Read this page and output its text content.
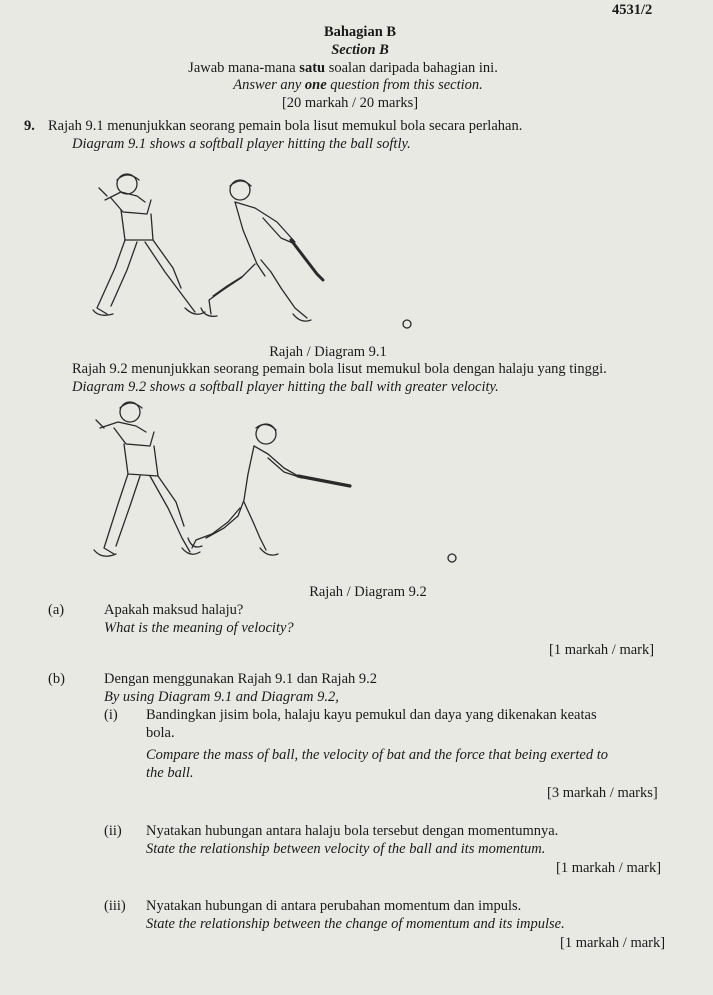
4531/2
Bahagian B
Section B
Jawab mana-mana satu soalan daripada bahagian ini.
Answer any one question from this section.
[20 markah / 20 marks]
9. Rajah 9.1 menunjukkan seorang pemain bola lisut memukul bola secara perlahan.
Diagram 9.1 shows a softball player hitting the ball softly.
Rajah / Diagram 9.1
Rajah 9.2 menunjukkan seorang pemain bola lisut memukul bola dengan halaju yang tinggi.
Diagram 9.2 shows a softball player hitting the ball with greater velocity.
Rajah / Diagram 9.2
(a)	Apakah maksud halaju?
What is the meaning of velocity?
[1 markah / mark]
(b)	Dengan menggunakan Rajah 9.1 dan Rajah 9.2
By using Diagram 9.1 and Diagram 9.2,
(i) Bandingkan jisim bola, halaju kayu pemukul dan daya yang dikenakan keatas
bola.
Compare the mass of ball, the velocity of bat and the force that being exerted to
the ball.
[3 markah / marks]
(ii) Nyatakan hubungan antara halaju bola tersebut dengan momentumnya.
State the relationship between velocity of the ball and its momentum.
[1 markah / mark]
(iii) Nyatakan hubungan di antara perubahan momentum dan impuls.
State the relationship between the change of momentum and its impulse.
[1 markah / mark]
